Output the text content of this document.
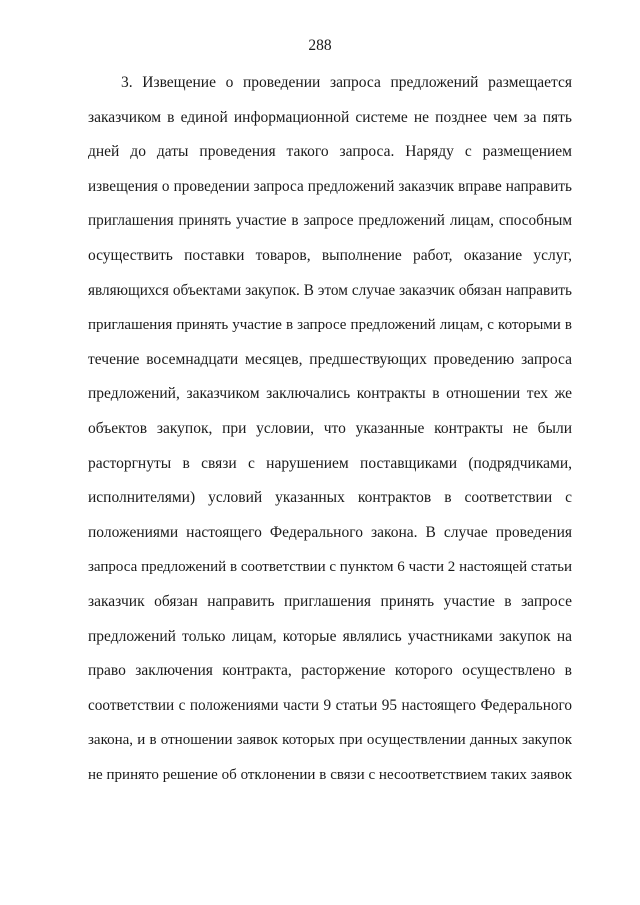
288
3. Извещение о проведении запроса предложений размещается
заказчиком в единой информационной системе не позднее чем за пять
дней до даты проведения такого запроса. Наряду с размещением
извещения о проведении запроса предложений заказчик вправе направить
приглашения принять участие в запросе предложений лицам, способным
осуществить поставки товаров, выполнение работ, оказание услуг,
являющихся объектами закупок. В этом случае заказчик обязан направить
приглашения принять участие в запросе предложений лицам, с которыми в
течение восемнадцати месяцев, предшествующих проведению запроса
предложений, заказчиком заключались контракты в отношении тех же
объектов закупок, при условии, что указанные контракты не были
расторгнуты в связи с нарушением поставщиками (подрядчиками,
исполнителями) условий указанных контрактов в соответствии с
положениями настоящего Федерального закона. В случае проведения
запроса предложений в соответствии с пунктом 6 части 2 настоящей статьи
заказчик обязан направить приглашения принять участие в запросе
предложений только лицам, которые являлись участниками закупок на
право заключения контракта, расторжение которого осуществлено в
соответствии с положениями части 9 статьи 95 настоящего Федерального
закона, и в отношении заявок которых при осуществлении данных закупок
не принято решение об отклонении в связи с несоответствием таких заявок
